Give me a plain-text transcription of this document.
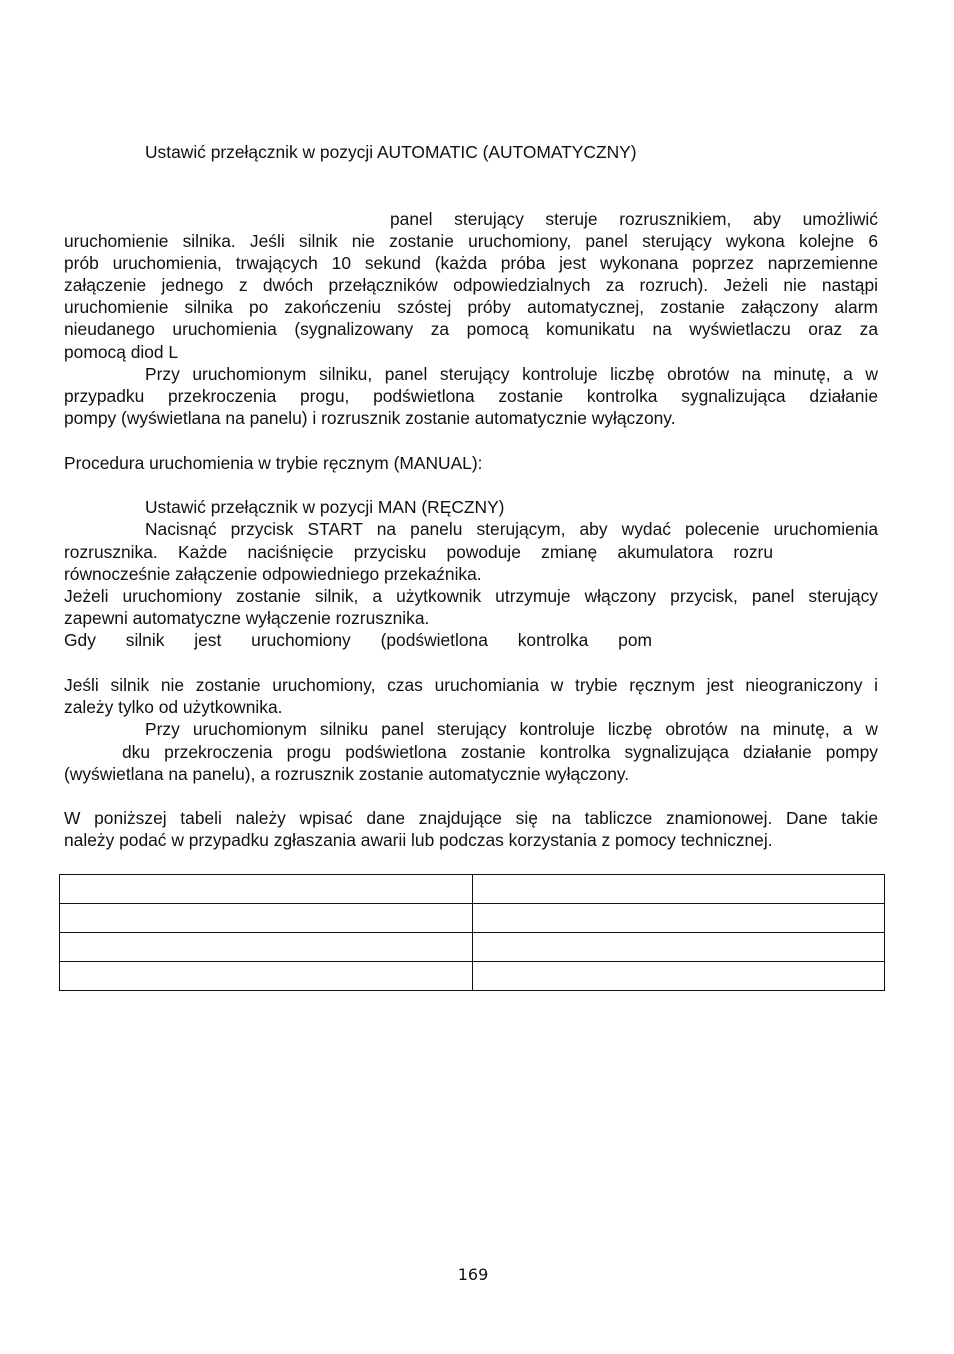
Ustawić przełącznik w pozycji AUTOMATIC (AUTOMATYCZNY)
panel sterujący steruje rozrusznikiem, aby umożliwić
uruchomienie silnika. Jeśli silnik nie zostanie uruchomiony, panel sterujący wykona kolejne 6
prób uruchomienia, trwających 10 sekund (każda próba jest wykonana poprzez naprzemienne
załączenie jednego z dwóch przełączników odpowiedzialnych za rozruch). Jeżeli nie nastąpi
uruchomienie silnika po zakończeniu szóstej próby automatycznej, zostanie załączony alarm
nieudanego uruchomienia (sygnalizowany za pomocą komunikatu na wyświetlaczu oraz za
pomocą diod L
Przy uruchomionym silniku, panel sterujący kontroluje liczbę obrotów na minutę, a w
przypadku przekroczenia progu, podświetlona zostanie kontrolka sygnalizująca działanie
pompy (wyświetlana na panelu) i rozrusznik zostanie automatycznie wyłączony.
Procedura uruchomienia w trybie ręcznym (MANUAL):
Ustawić przełącznik w pozycji MAN (RĘCZNY)
Nacisnąć przycisk START na panelu sterującym, aby wydać polecenie uruchomienia
rozrusznika. Każde naciśnięcie przycisku powoduje zmianę akumulatora rozru
równocześnie załączenie odpowiedniego przekaźnika.
Jeżeli uruchomiony zostanie silnik, a użytkownik utrzymuje włączony przycisk, panel sterujący
zapewni automatyczne wyłączenie rozrusznika.
Gdy silnik jest uruchomiony (podświetlona kontrolka pom
Jeśli silnik nie zostanie uruchomiony, czas uruchomiania w trybie ręcznym jest nieograniczony i
zależy tylko od użytkownika.
Przy uruchomionym silniku panel sterujący kontroluje liczbę obrotów na minutę, a w
dku przekroczenia progu podświetlona zostanie kontrolka sygnalizująca działanie pompy
(wyświetlana na panelu), a rozrusznik zostanie automatycznie wyłączony.
W poniższej tabeli należy wpisać dane znajdujące się na tabliczce znamionowej. Dane takie
należy podać w przypadku zgłaszania awarii lub podczas korzystania z pomocy technicznej.

169
